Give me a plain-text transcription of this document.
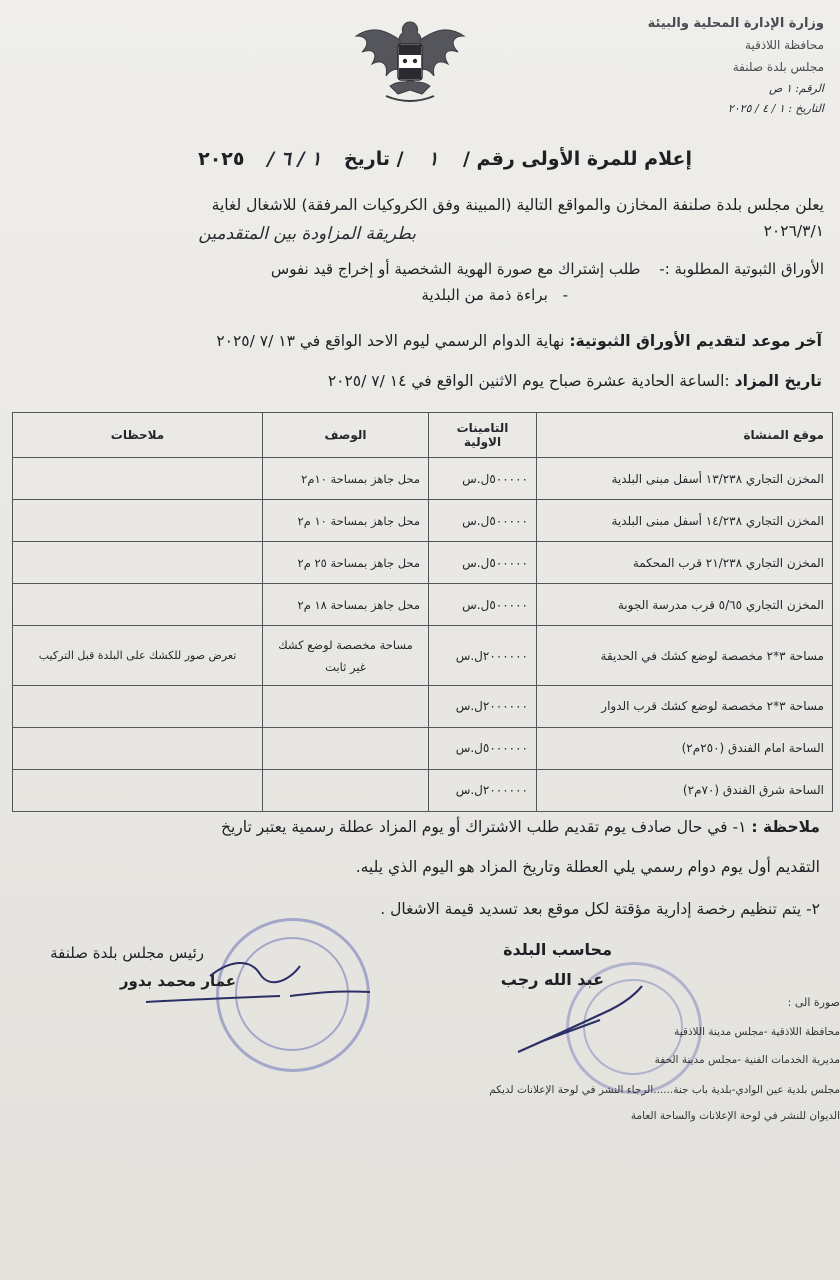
وزارة الإدارة المحلية والبيئة
محافظة اللاذقية
مجلس بلدة صلنفة
الرقم: ١ ص
التاريخ : ١ / ٤ / ٢٠٢٥
إعلام للمرة الأولى رقم / ١ / تاريخ ١ / ٦ / ٢٠٢٥
يعلن مجلس بلدة صلنفة المخازن والمواقع التالية (المبينة وفق الكروكيات المرفقة) للاشغال لغاية
٢٠٢٦/٣/١
بطريقة المزاودة بين المتقدمين
الأوراق الثبوتية المطلوبة :- طلب إشتراك مع صورة الهوية الشخصية أو إخراج قيد نفوس
- براءة ذمة من البلدية
آخر موعد لتقديم الأوراق الثبوتية: نهاية الدوام الرسمي ليوم الاحد الواقع في ١٣ /٧ /٢٠٢٥
تاريخ المزاد :الساعة الحادية عشرة صباح يوم الاثنين الواقع في ١٤ /٧ /٢٠٢٥
موقع المنشاة	التامينات الاولية	الوصف	ملاحظات
المخزن التجاري ١٣/٢٣٨ أسفل مبنى البلدية	٥٠٠٠٠٠ل.س	محل جاهز بمساحة ١٠م٢	
المخزن التجاري ١٤/٢٣٨ أسفل مبنى البلدية	٥٠٠٠٠٠ل.س	محل جاهز بمساحة ١٠ م٢	
المخزن التجاري ٢١/٢٣٨ قرب المحكمة	٥٠٠٠٠٠ل.س	محل جاهز بمساحة ٢٥ م٢	
المخزن التجاري ٥/٦٥ قرب مدرسة الجوبة	٥٠٠٠٠٠ل.س	محل جاهز بمساحة ١٨ م٢	
مساحة ٣*٢ مخصصة لوضع كشك في الحديقة	٢٠٠٠٠٠٠ل.س	مساحة مخصصة لوضع كشك غير ثابت	تعرض صور للكشك على البلدة قبل التركيب
مساحة ٣*٢ مخصصة لوضع كشك قرب الدوار	٢٠٠٠٠٠٠ل.س		
الساحة امام الفندق (٢٥٠م٢)	٥٠٠٠٠٠٠ل.س		
الساحة شرق الفندق (٧٠م٢)	٢٠٠٠٠٠٠ل.س		
ملاحظة : ١- في حال صادف يوم تقديم طلب الاشتراك أو يوم المزاد عطلة رسمية يعتبر تاريخ
التقديم أول يوم دوام رسمي يلي العطلة وتاريخ المزاد هو اليوم الذي يليه.
٢- يتم تنظيم رخصة إدارية مؤقتة لكل موقع بعد تسديد قيمة الاشغال .
محاسب البلدة
عبد الله رجب
رئيس مجلس بلدة صلنفة
عمار محمد بدور
صورة الى :
محافظة اللاذقية -مجلس مدينة اللاذقية
مديرية الخدمات الفنية -مجلس مدينة الحفة
مجلس بلدية عين الوادي-بلدية باب جنة......الرجاء النشر في لوحة الإعلانات لديكم
الديوان للنشر في لوحة الإعلانات والساحة العامة
